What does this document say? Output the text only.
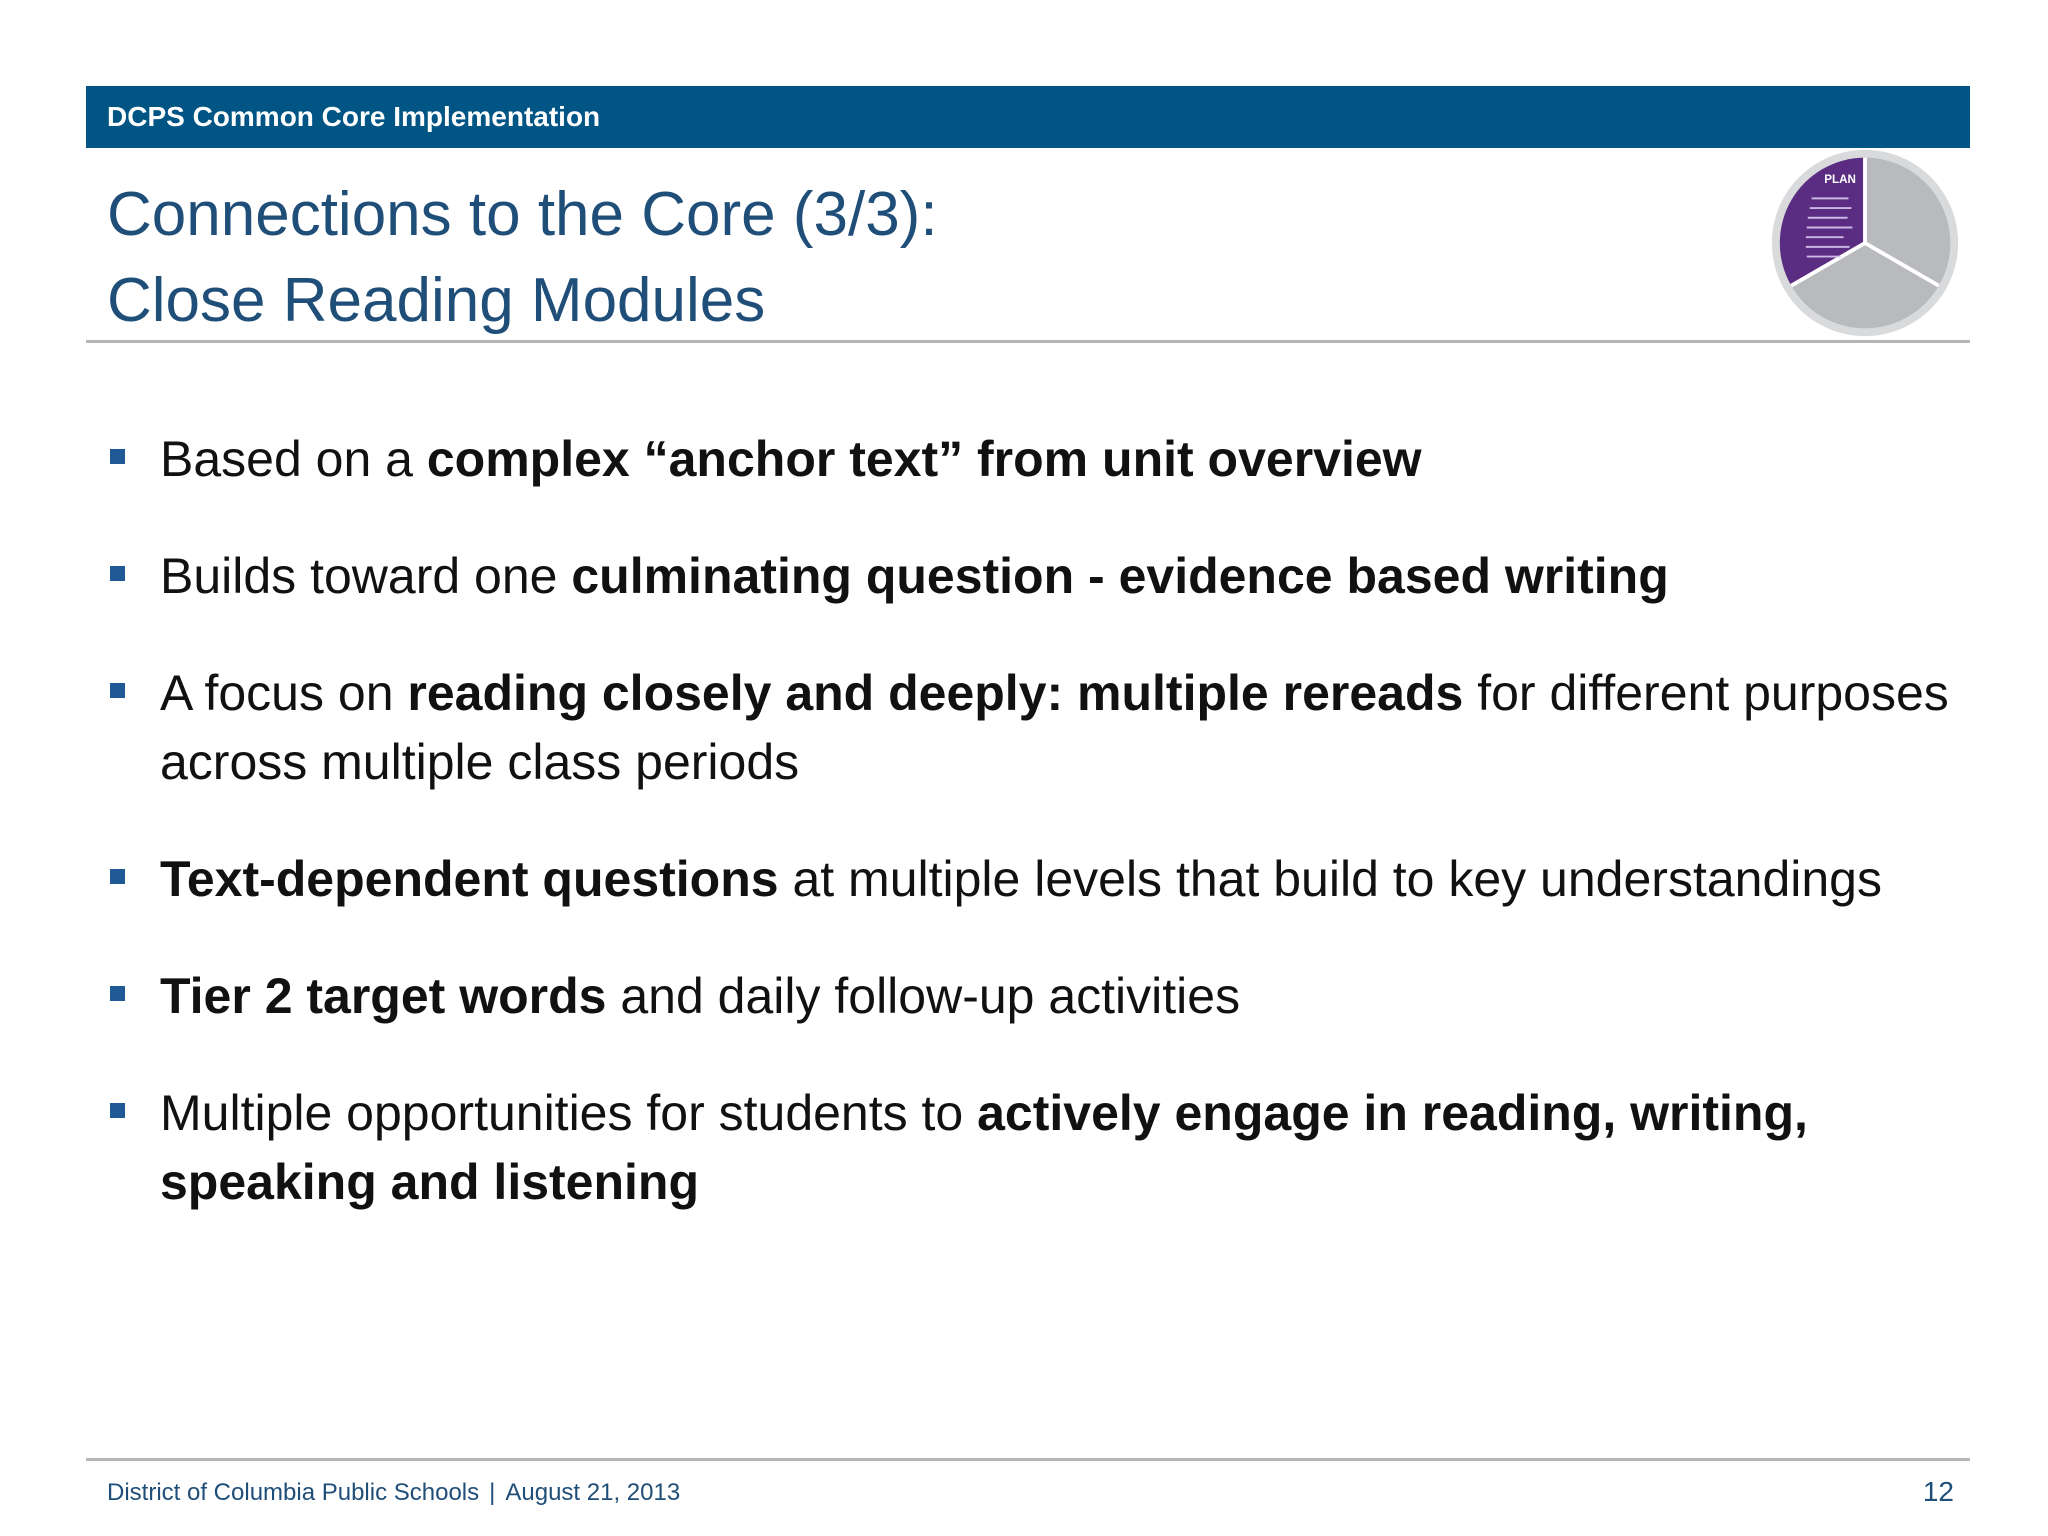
DCPS Common Core Implementation
Connections to the Core (3/3):
Close Reading Modules
PLAN
Based on a complex “anchor text” from unit overview
Builds toward one culminating question - evidence based writing
A focus on reading closely and deeply: multiple rereads for different purposes across multiple class periods
Text-dependent questions at multiple levels that build to key understandings
Tier 2 target words and daily follow-up activities
Multiple opportunities for students to actively engage in reading, writing, speaking and listening
District of Columbia Public Schools | August 21, 2013	12
